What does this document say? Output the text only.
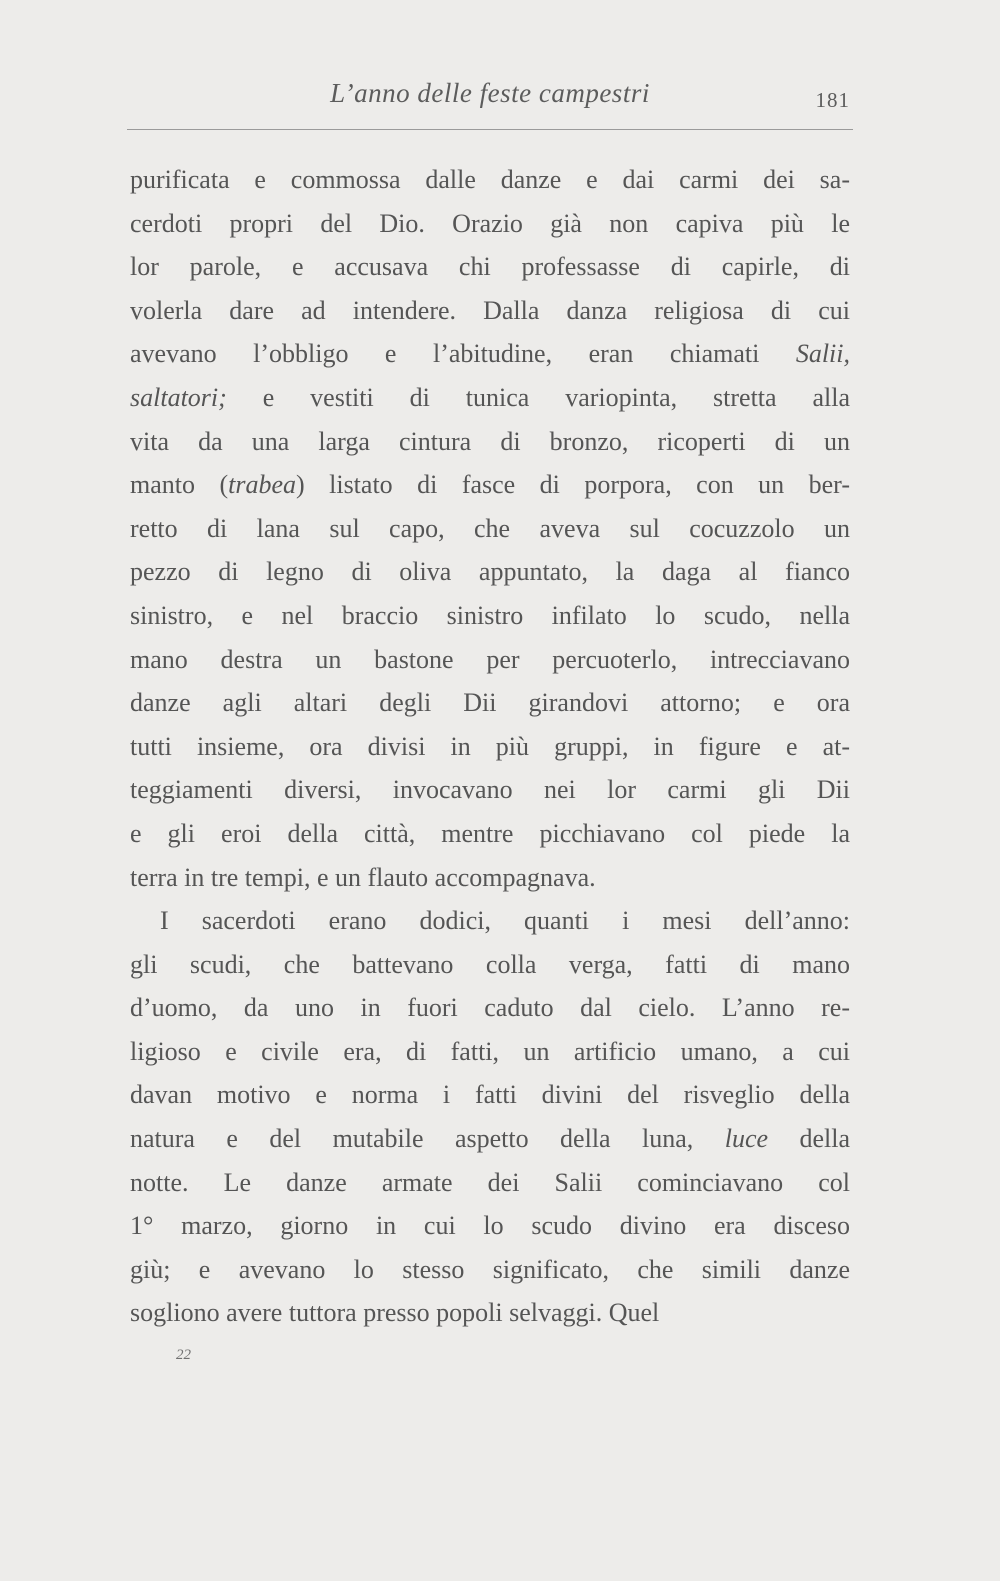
L’anno delle feste campestri	181
purificata e commossa dalle danze e dai carmi dei sa-
cerdoti propri del Dio. Orazio già non capiva più le
lor parole, e accusava chi professasse di capirle, di
volerla dare ad intendere. Dalla danza religiosa di cui
avevano l’obbligo e l’abitudine, eran chiamati Salii,
saltatori; e vestiti di tunica variopinta, stretta alla
vita da una larga cintura di bronzo, ricoperti di un
manto (trabea) listato di fasce di porpora, con un ber-
retto di lana sul capo, che aveva sul cocuzzolo un
pezzo di legno di oliva appuntato, la daga al fianco
sinistro, e nel braccio sinistro infilato lo scudo, nella
mano destra un bastone per percuoterlo, intrecciavano
danze agli altari degli Dii girandovi attorno; e ora
tutti insieme, ora divisi in più gruppi, in figure e at-
teggiamenti diversi, invocavano nei lor carmi gli Dii
e gli eroi della città, mentre picchiavano col piede la
terra in tre tempi, e un flauto accompagnava.
I sacerdoti erano dodici, quanti i mesi dell’anno:
gli scudi, che battevano colla verga, fatti di mano
d’uomo, da uno in fuori caduto dal cielo. L’anno re-
ligioso e civile era, di fatti, un artificio umano, a cui
davan motivo e norma i fatti divini del risveglio della
natura e del mutabile aspetto della luna, luce della
notte. Le danze armate dei Salii cominciavano col
1° marzo, giorno in cui lo scudo divino era disceso
giù; e avevano lo stesso significato, che simili danze
sogliono avere tuttora presso popoli selvaggi. Quel
22
